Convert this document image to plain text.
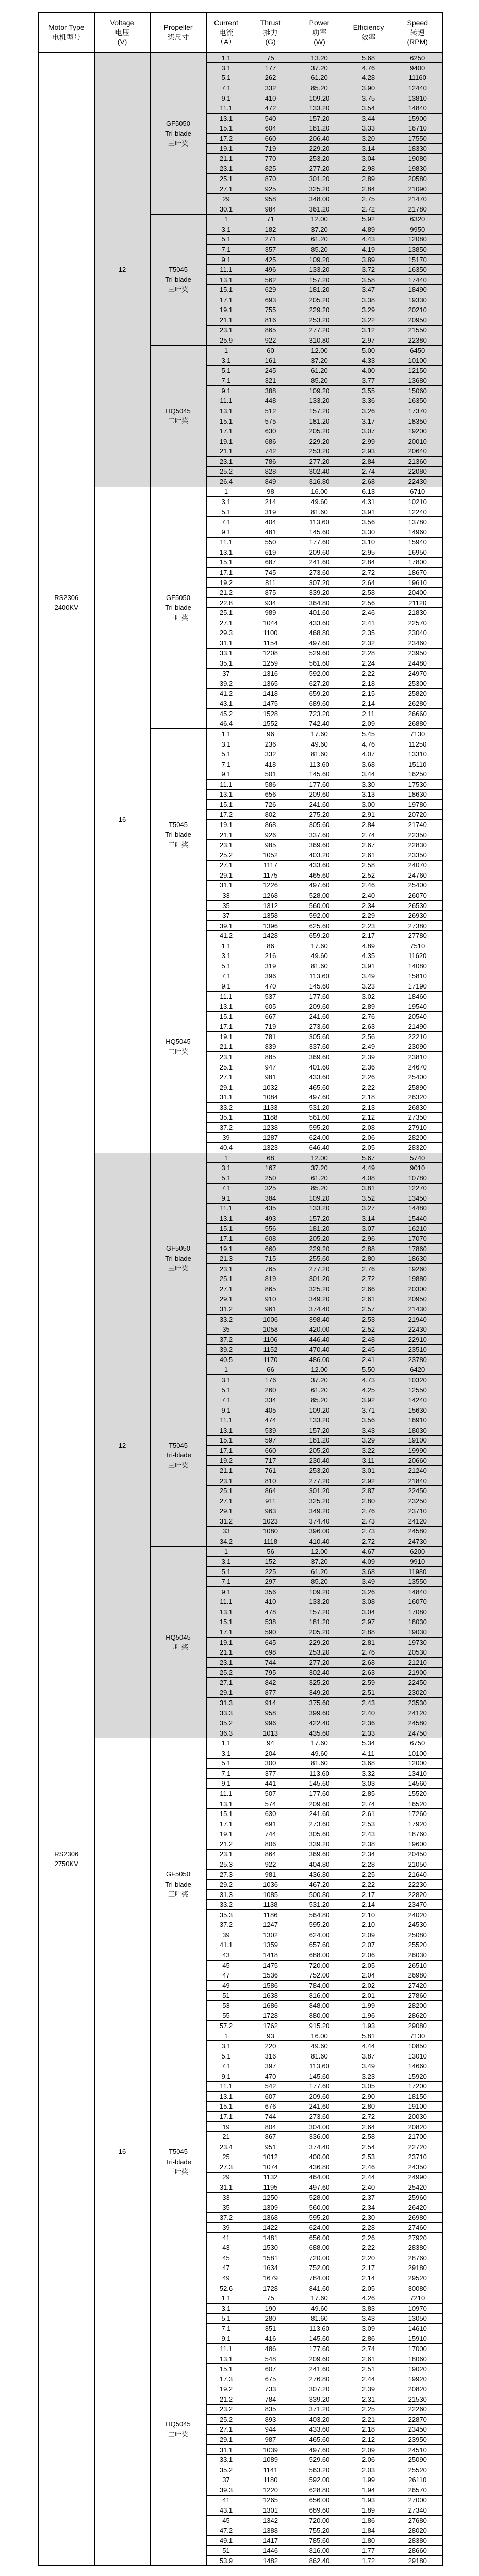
Motor Type
电机型号	Voltage
电压
(V)	Propeller
桨尺寸	Current
电流
（A）	Thrust
推力
(G)	Power
功率
(W)	Efficiency
效率	Speed
转速
(RPM)
RS2306
2400KV	12	GF5050
Tri-blade
三叶桨	1.1	75	13.20	5.68	6250
			3.1	177	37.20	4.76	9400
			5.1	262	61.20	4.28	11160
			7.1	332	85.20	3.90	12440
			9.1	410	109.20	3.75	13810
			11.1	472	133.20	3.54	14840
			13.1	540	157.20	3.44	15900
			15.1	604	181.20	3.33	16710
			17.2	660	206.40	3.20	17550
			19.1	719	229.20	3.14	18330
			21.1	770	253.20	3.04	19080
			23.1	825	277.20	2.98	19830
			25.1	870	301.20	2.89	20580
			27.1	925	325.20	2.84	21090
			29	958	348.00	2.75	21470
			30.1	984	361.20	2.72	21780
		T5045
Tri-blade
三叶桨	1	71	12.00	5.92	6320
			3.1	182	37.20	4.89	9950
			5.1	271	61.20	4.43	12080
			7.1	357	85.20	4.19	13850
			9.1	425	109.20	3.89	15170
			11.1	496	133.20	3.72	16350
			13.1	562	157.20	3.58	17440
			15.1	629	181.20	3.47	18490
			17.1	693	205.20	3.38	19330
			19.1	755	229.20	3.29	20210
			21.1	816	253.20	3.22	20950
			23.1	865	277.20	3.12	21550
			25.9	922	310.80	2.97	22380
		HQ5045
二叶桨	1	60	12.00	5.00	6450
			3.1	161	37.20	4.33	10100
			5.1	245	61.20	4.00	12150
			7.1	321	85.20	3.77	13680
			9.1	388	109.20	3.55	15060
			11.1	448	133.20	3.36	16350
			13.1	512	157.20	3.26	17370
			15.1	575	181.20	3.17	18350
			17.1	630	205.20	3.07	19200
			19.1	686	229.20	2.99	20010
			21.1	742	253.20	2.93	20640
			23.1	786	277.20	2.84	21360
			25.2	828	302.40	2.74	22080
			26.4	849	316.80	2.68	22430
	16	GF5050
Tri-blade
三叶桨	1	98	16.00	6.13	6710
			3.1	214	49.60	4.31	10210
			5.1	319	81.60	3.91	12240
			7.1	404	113.60	3.56	13780
			9.1	481	145.60	3.30	14960
			11.1	550	177.60	3.10	15940
			13.1	619	209.60	2.95	16950
			15.1	687	241.60	2.84	17800
			17.1	745	273.60	2.72	18670
			19.2	811	307.20	2.64	19610
			21.2	875	339.20	2.58	20400
			22.8	934	364.80	2.56	21120
			25.1	989	401.60	2.46	21830
			27.1	1044	433.60	2.41	22570
			29.3	1100	468.80	2.35	23040
			31.1	1154	497.60	2.32	23460
			33.1	1208	529.60	2.28	23950
			35.1	1259	561.60	2.24	24480
			37	1316	592.00	2.22	24970
			39.2	1365	627.20	2.18	25300
			41.2	1418	659.20	2.15	25820
			43.1	1475	689.60	2.14	26280
			45.2	1528	723.20	2.11	26660
			46.4	1552	742.40	2.09	26880
		T5045
Tri-blade
三叶桨	1.1	96	17.60	5.45	7130
			3.1	236	49.60	4.76	11250
			5.1	332	81.60	4.07	13310
			7.1	418	113.60	3.68	15110
			9.1	501	145.60	3.44	16250
			11.1	586	177.60	3.30	17530
			13.1	656	209.60	3.13	18630
			15.1	726	241.60	3.00	19780
			17.2	802	275.20	2.91	20720
			19.1	868	305.60	2.84	21740
			21.1	926	337.60	2.74	22350
			23.1	985	369.60	2.67	22830
			25.2	1052	403.20	2.61	23350
			27.1	1117	433.60	2.58	24070
			29.1	1175	465.60	2.52	24760
			31.1	1226	497.60	2.46	25400
			33	1268	528.00	2.40	26070
			35	1312	560.00	2.34	26530
			37	1358	592.00	2.29	26930
			39.1	1396	625.60	2.23	27380
			41.2	1428	659.20	2.17	27780
		HQ5045
二叶桨	1.1	86	17.60	4.89	7510
			3.1	216	49.60	4.35	11620
			5.1	319	81.60	3.91	14080
			7.1	396	113.60	3.49	15810
			9.1	470	145.60	3.23	17190
			11.1	537	177.60	3.02	18460
			13.1	605	209.60	2.89	19540
			15.1	667	241.60	2.76	20540
			17.1	719	273.60	2.63	21490
			19.1	781	305.60	2.56	22210
			21.1	839	337.60	2.49	23090
			23.1	885	369.60	2.39	23810
			25.1	947	401.60	2.36	24670
			27.1	981	433.60	2.26	25400
			29.1	1032	465.60	2.22	25890
			31.1	1084	497.60	2.18	26320
			33.2	1133	531.20	2.13	26830
			35.1	1188	561.60	2.12	27350
			37.2	1238	595.20	2.08	27910
			39	1287	624.00	2.06	28200
			40.4	1323	646.40	2.05	28320
RS2306
2750KV	12	GF5050
Tri-blade
三叶桨	1	68	12.00	5.67	5740
			3.1	167	37.20	4.49	9010
			5.1	250	61.20	4.08	10780
			7.1	325	85.20	3.81	12270
			9.1	384	109.20	3.52	13450
			11.1	435	133.20	3.27	14480
			13.1	493	157.20	3.14	15440
			15.1	556	181.20	3.07	16210
			17.1	608	205.20	2.96	17070
			19.1	660	229.20	2.88	17860
			21.3	715	255.60	2.80	18630
			23.1	765	277.20	2.76	19260
			25.1	819	301.20	2.72	19880
			27.1	865	325.20	2.66	20300
			29.1	910	349.20	2.61	20950
			31.2	961	374.40	2.57	21430
			33.2	1006	398.40	2.53	21940
			35	1058	420.00	2.52	22430
			37.2	1106	446.40	2.48	22910
			39.2	1152	470.40	2.45	23510
			40.5	1170	486.00	2.41	23780
		T5045
Tri-blade
三叶桨	1	66	12.00	5.50	6420
			3.1	176	37.20	4.73	10320
			5.1	260	61.20	4.25	12550
			7.1	334	85.20	3.92	14240
			9.1	405	109.20	3.71	15630
			11.1	474	133.20	3.56	16910
			13.1	539	157.20	3.43	18030
			15.1	597	181.20	3.29	19100
			17.1	660	205.20	3.22	19990
			19.2	717	230.40	3.11	20660
			21.1	761	253.20	3.01	21240
			23.1	810	277.20	2.92	21840
			25.1	864	301.20	2.87	22450
			27.1	911	325.20	2.80	23250
			29.1	963	349.20	2.76	23710
			31.2	1023	374.40	2.73	24120
			33	1080	396.00	2.73	24580
			34.2	1118	410.40	2.72	24730
		HQ5045
二叶桨	1	56	12.00	4.67	6200
			3.1	152	37.20	4.09	9910
			5.1	225	61.20	3.68	11980
			7.1	297	85.20	3.49	13550
			9.1	356	109.20	3.26	14840
			11.1	410	133.20	3.08	16070
			13.1	478	157.20	3.04	17080
			15.1	538	181.20	2.97	18030
			17.1	590	205.20	2.88	19030
			19.1	645	229.20	2.81	19730
			21.1	698	253.20	2.76	20530
			23.1	744	277.20	2.68	21210
			25.2	795	302.40	2.63	21900
			27.1	842	325.20	2.59	22450
			29.1	877	349.20	2.51	23020
			31.3	914	375.60	2.43	23530
			33.3	958	399.60	2.40	24120
			35.2	996	422.40	2.36	24580
			36.3	1013	435.60	2.33	24750
	16	GF5050
Tri-blade
三叶桨	1.1	94	17.60	5.34	6750
			3.1	204	49.60	4.11	10100
			5.1	300	81.60	3.68	12000
			7.1	377	113.60	3.32	13410
			9.1	441	145.60	3.03	14560
			11.1	507	177.60	2.85	15520
			13.1	574	209.60	2.74	16520
			15.1	630	241.60	2.61	17260
			17.1	691	273.60	2.53	17920
			19.1	744	305.60	2.43	18760
			21.2	806	339.20	2.38	19600
			23.1	864	369.60	2.34	20450
			25.3	922	404.80	2.28	21050
			27.3	981	436.80	2.25	21640
			29.2	1036	467.20	2.22	22230
			31.3	1085	500.80	2.17	22820
			33.2	1138	531.20	2.14	23470
			35.3	1186	564.80	2.10	24020
			37.2	1247	595.20	2.10	24530
			39	1302	624.00	2.09	25080
			41.1	1359	657.60	2.07	25520
			43	1418	688.00	2.06	26030
			45	1475	720.00	2.05	26510
			47	1536	752.00	2.04	26980
			49	1586	784.00	2.02	27420
			51	1638	816.00	2.01	27860
			53	1686	848.00	1.99	28200
			55	1728	880.00	1.96	28620
			57.2	1762	915.20	1.93	29080
		T5045
Tri-blade
三叶桨	1	93	16.00	5.81	7130
			3.1	220	49.60	4.44	10850
			5.1	316	81.60	3.87	13010
			7.1	397	113.60	3.49	14660
			9.1	470	145.60	3.23	15920
			11.1	542	177.60	3.05	17200
			13.1	607	209.60	2.90	18150
			15.1	676	241.60	2.80	19100
			17.1	744	273.60	2.72	20030
			19	804	304.00	2.64	20820
			21	867	336.00	2.58	21700
			23.4	951	374.40	2.54	22720
			25	1012	400.00	2.53	23710
			27.3	1074	436.80	2.46	24350
			29	1132	464.00	2.44	24990
			31.1	1195	497.60	2.40	25420
			33	1250	528.00	2.37	25960
			35	1309	560.00	2.34	26420
			37.2	1368	595.20	2.30	26980
			39	1422	624.00	2.28	27460
			41	1481	656.00	2.26	27920
			43	1530	688.00	2.22	28380
			45	1581	720.00	2.20	28760
			47	1634	752.00	2.17	29180
			49	1679	784.00	2.14	29520
			52.6	1728	841.60	2.05	30080
		HQ5045
二叶桨	1.1	75	17.60	4.26	7210
			3.1	190	49.60	3.83	10970
			5.1	280	81.60	3.43	13050
			7.1	351	113.60	3.09	14610
			9.1	416	145.60	2.86	15910
			11.1	486	177.60	2.74	17000
			13.1	548	209.60	2.61	18060
			15.1	607	241.60	2.51	19020
			17.3	675	276.80	2.44	19920
			19.2	733	307.20	2.39	20820
			21.2	784	339.20	2.31	21530
			23.2	835	371.20	2.25	22260
			25.2	893	403.20	2.21	22870
			27.1	944	433.60	2.18	23450
			29.1	987	465.60	2.12	23950
			31.1	1039	497.60	2.09	24510
			33.1	1089	529.60	2.06	25090
			35.2	1141	563.20	2.03	25520
			37	1180	592.00	1.99	26110
			39.3	1220	628.80	1.94	26570
			41	1265	656.00	1.93	27000
			43.1	1301	689.60	1.89	27340
			45	1342	720.00	1.86	27680
			47.2	1388	755.20	1.84	28020
			49.1	1417	785.60	1.80	28380
			51	1446	816.00	1.77	28660
			53.9	1482	862.40	1.72	29180
